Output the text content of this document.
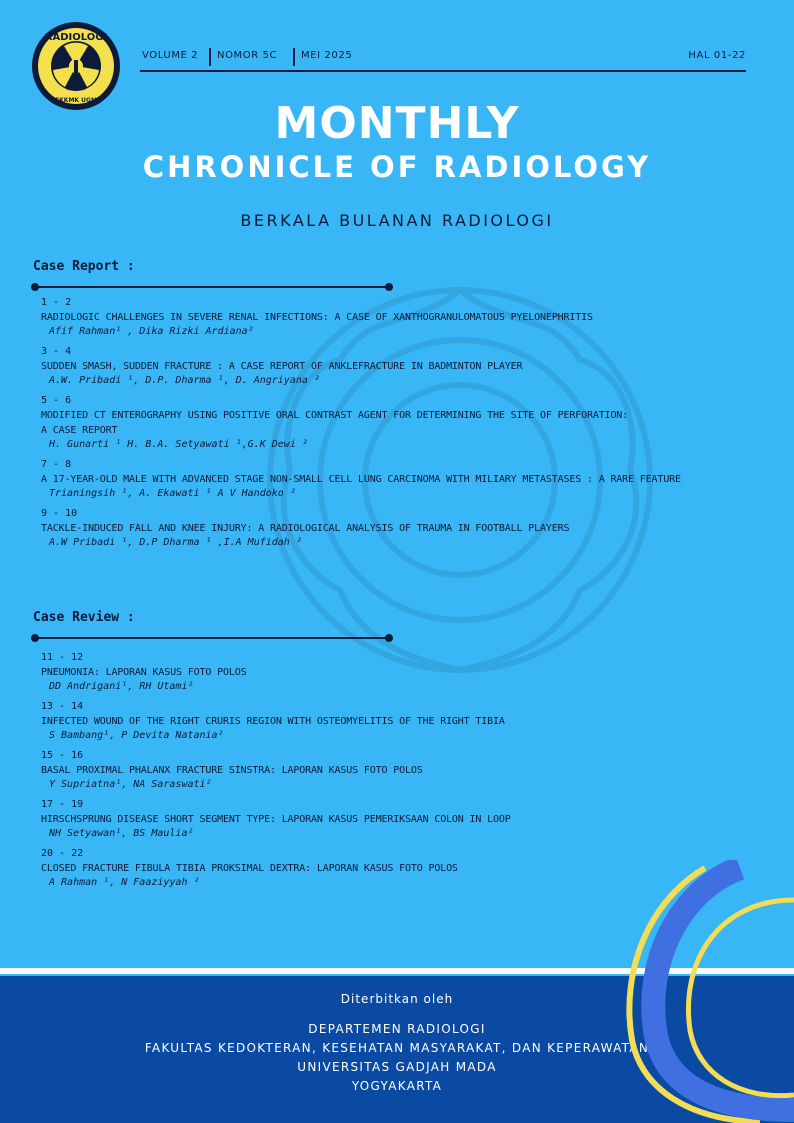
RADIOLOGI
FKKMK UGM
VOLUME 2 NOMOR 5C MEI 2025	HAL 01-22
MONTHLY
CHRONICLE OF RADIOLOGY
BERKALA BULANAN RADIOLOGI
Case Report :
1 - 2
RADIOLOGIC CHALLENGES IN SEVERE RENAL INFECTIONS: A CASE OF XANTHOGRANULOMATOUS PYELONEPHRITIS
Afif Rahman¹ , Dika Rizki Ardiana²
3 - 4
SUDDEN SMASH, SUDDEN FRACTURE : A CASE REPORT OF ANKLEFRACTURE IN BADMINTON PLAYER
A.W. Pribadi ¹, D.P. Dharma ¹, D. Angriyana ²
5 - 6
MODIFIED CT ENTEROGRAPHY USING POSITIVE ORAL CONTRAST AGENT FOR DETERMINING THE SITE OF PERFORATION:
A CASE REPORT
H. Gunarti ¹ H. B.A. Setyawati ¹,G.K Dewi ²
7 - 8
A 17-YEAR-OLD MALE WITH ADVANCED STAGE NON-SMALL CELL LUNG CARCINOMA WITH MILIARY METASTASES : A RARE FEATURE
Trianingsih ¹, A. Ekawati ¹ A V Handoko ²
9 - 10
TACKLE-INDUCED FALL AND KNEE INJURY: A RADIOLOGICAL ANALYSIS OF TRAUMA IN FOOTBALL PLAYERS
A.W Pribadi ¹, D.P Dharma ¹ ,I.A Mufidah ²
Case Review :
11 - 12
PNEUMONIA: LAPORAN KASUS FOTO POLOS
DD Andrigani¹, RH Utami²
13 - 14
INFECTED WOUND OF THE RIGHT CRURIS REGION WITH OSTEOMYELITIS OF THE RIGHT TIBIA
S Bambang¹, P Devita Natania²
15 - 16
BASAL PROXIMAL PHALANX FRACTURE SINSTRA: LAPORAN KASUS FOTO POLOS
Y Supriatna¹, NA Saraswati²
17 - 19
HIRSCHSPRUNG DISEASE SHORT SEGMENT TYPE: LAPORAN KASUS PEMERIKSAAN COLON IN LOOP
NH Setyawan¹, BS Maulia²
20 - 22
CLOSED FRACTURE FIBULA TIBIA PROKSIMAL DEXTRA: LAPORAN KASUS FOTO POLOS
A Rahman ¹, N Faaziyyah ²
Diterbitkan oleh
DEPARTEMEN RADIOLOGI
FAKULTAS KEDOKTERAN, KESEHATAN MASYARAKAT, DAN KEPERAWATAN
UNIVERSITAS GADJAH MADA
YOGYAKARTA
